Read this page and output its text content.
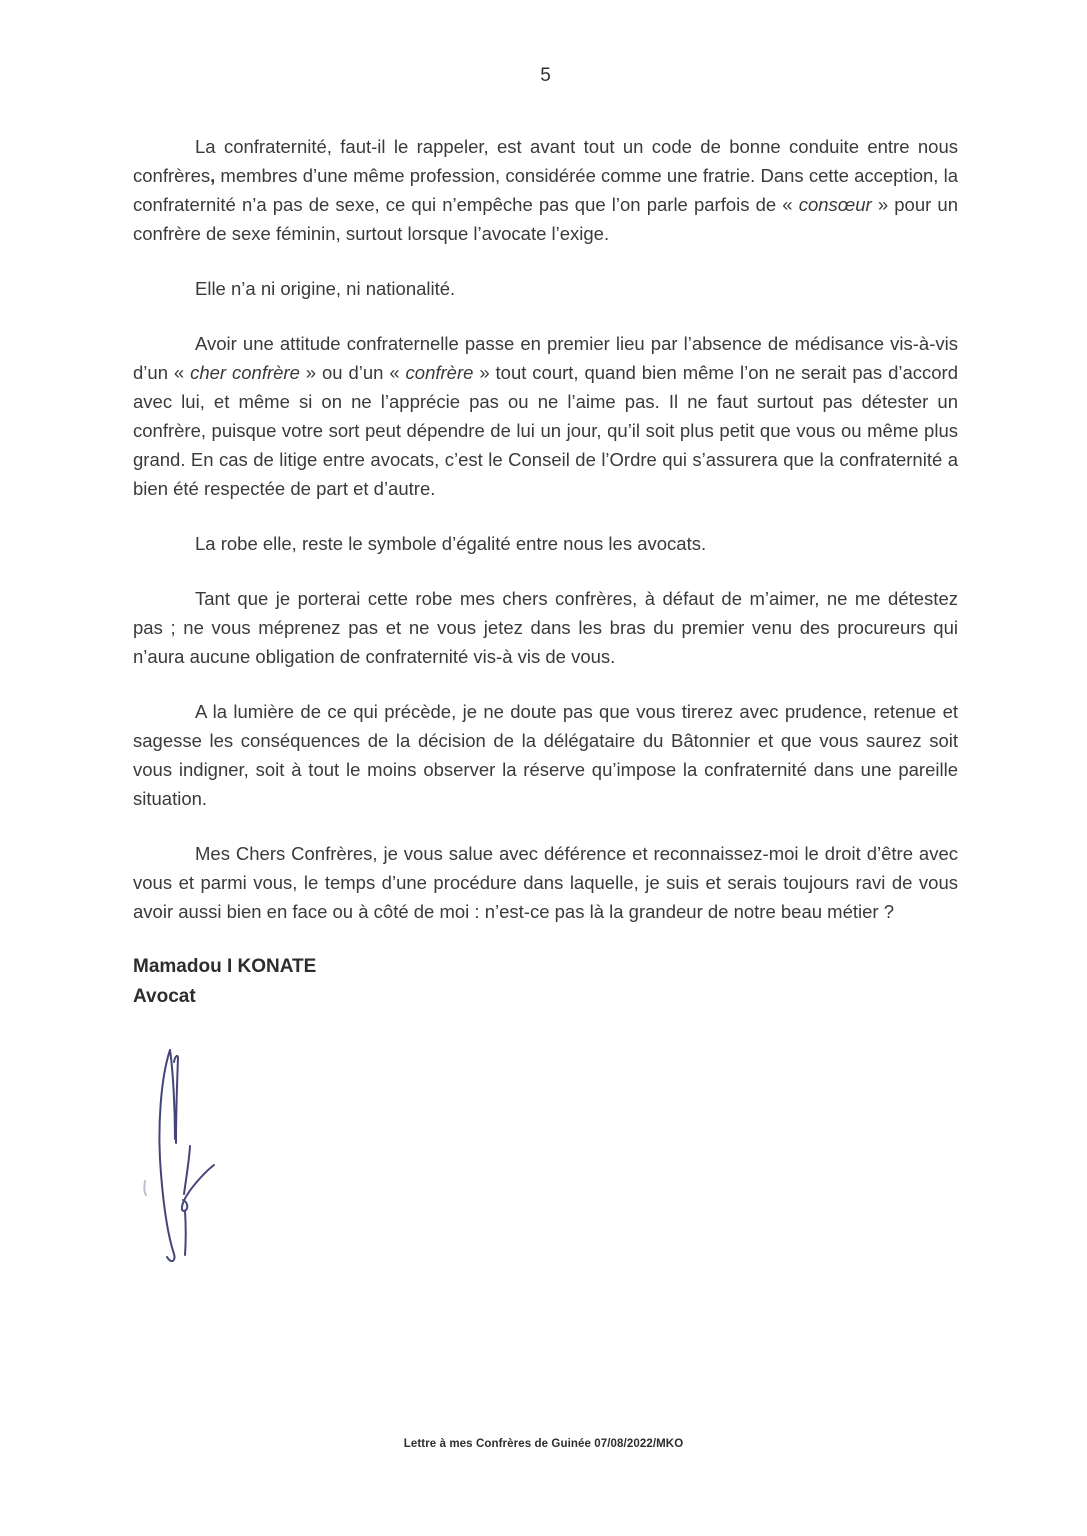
5

La confraternité, faut-il le rappeler, est avant tout un code de bonne conduite entre nous confrères, membres d’une même profession, considérée comme une fratrie. Dans cette acception, la confraternité n’a pas de sexe, ce qui n’empêche pas que l’on parle parfois de « consœur » pour un confrère de sexe féminin, surtout lorsque l’avocate l’exige.

Elle n’a ni origine, ni nationalité.

Avoir une attitude confraternelle passe en premier lieu par l’absence de médisance vis-à-vis d’un « cher confrère » ou d’un « confrère » tout court, quand bien même l’on ne serait pas d’accord avec lui, et même si on ne l’apprécie pas ou ne l’aime pas. Il ne faut surtout pas détester un confrère, puisque votre sort peut dépendre de lui un jour, qu’il soit plus petit que vous ou même plus grand. En cas de litige entre avocats, c’est le Conseil de l’Ordre qui s’assurera que la confraternité a bien été respectée de part et d’autre.

La robe elle, reste le symbole d’égalité entre nous les avocats.

Tant que je porterai cette robe mes chers confrères, à défaut de m’aimer, ne me détestez pas ; ne vous méprenez pas et ne vous jetez dans les bras du premier venu des procureurs qui n’aura aucune obligation de confraternité vis-à vis de vous.

A la lumière de ce qui précède, je ne doute pas que vous tirerez avec prudence, retenue et sagesse les conséquences de la décision de la délégataire du Bâtonnier et que vous saurez soit vous indigner, soit à tout le moins observer la réserve qu’impose la confraternité dans une pareille situation.

Mes Chers Confrères, je vous salue avec déférence et reconnaissez-moi le droit d’être avec vous et parmi vous, le temps d’une procédure dans laquelle, je suis et serais toujours ravi de vous avoir aussi bien en face ou à côté de moi : n’est-ce pas là la grandeur de notre beau métier ?

Mamadou I KONATE
Avocat
Lettre à mes Confrères de Guinée 07/08/2022/MKO
